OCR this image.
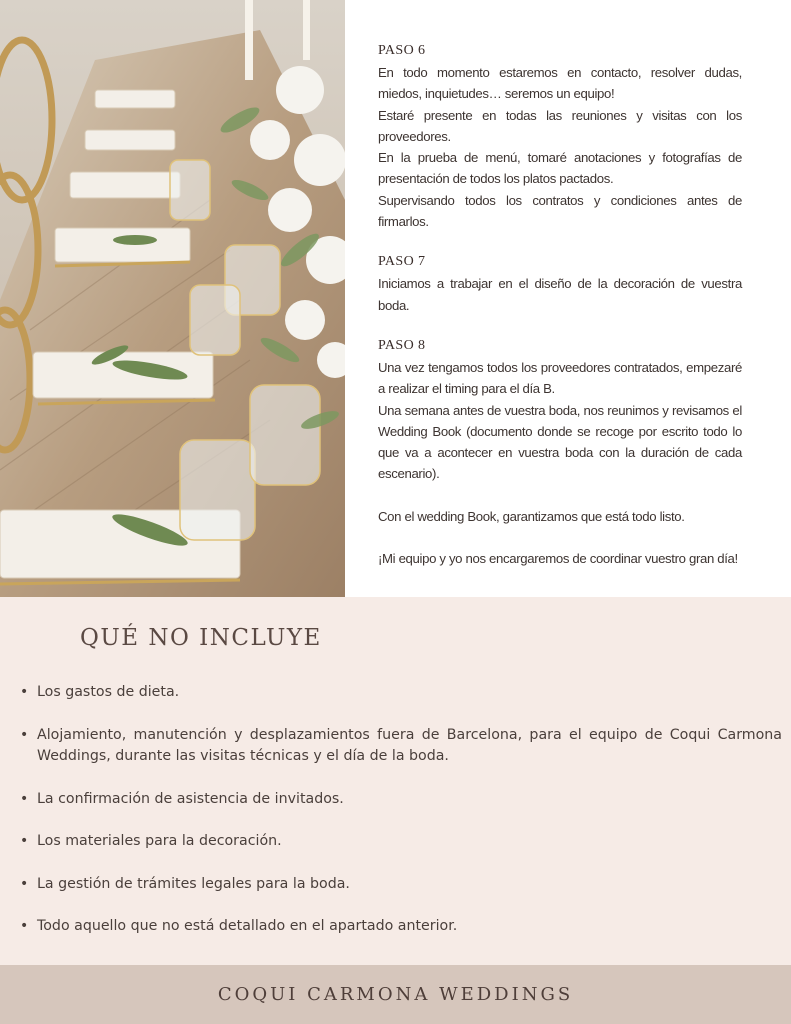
PASO 6

En todo momento estaremos en contacto, resolver dudas, miedos, inquietudes… seremos un equipo!

Estaré presente en todas las reuniones y visitas con los proveedores.

En la prueba de menú, tomaré anotaciones y fotografías de presentación de todos los platos pactados.

Supervisando todos los contratos y condiciones antes de firmarlos.

PASO 7

Iniciamos a trabajar en el diseño de la decoración de vuestra boda.

PASO 8

Una vez tengamos todos los proveedores contratados, empezaré a realizar el timing para el día B.

Una semana antes de vuestra boda, nos reunimos y revisamos el Wedding Book (documento donde se recoge por escrito todo lo que va a acontecer en vuestra boda con la duración de cada escenario).

Con el wedding Book, garantizamos que está todo listo.

¡Mi equipo y yo nos encargaremos de coordinar vuestro gran día!

QUÉ NO INCLUYE
• Los gastos de dieta.
• Alojamiento, manutención y desplazamientos fuera de Barcelona, para el equipo de Coqui Carmona Weddings, durante las visitas técnicas y el día de la boda.
• La confirmación de asistencia de invitados.
• Los materiales para la decoración.
• La gestión de trámites legales para la boda.
• Todo aquello que no está detallado en el apartado anterior.
COQUI CARMONA WEDDINGS
